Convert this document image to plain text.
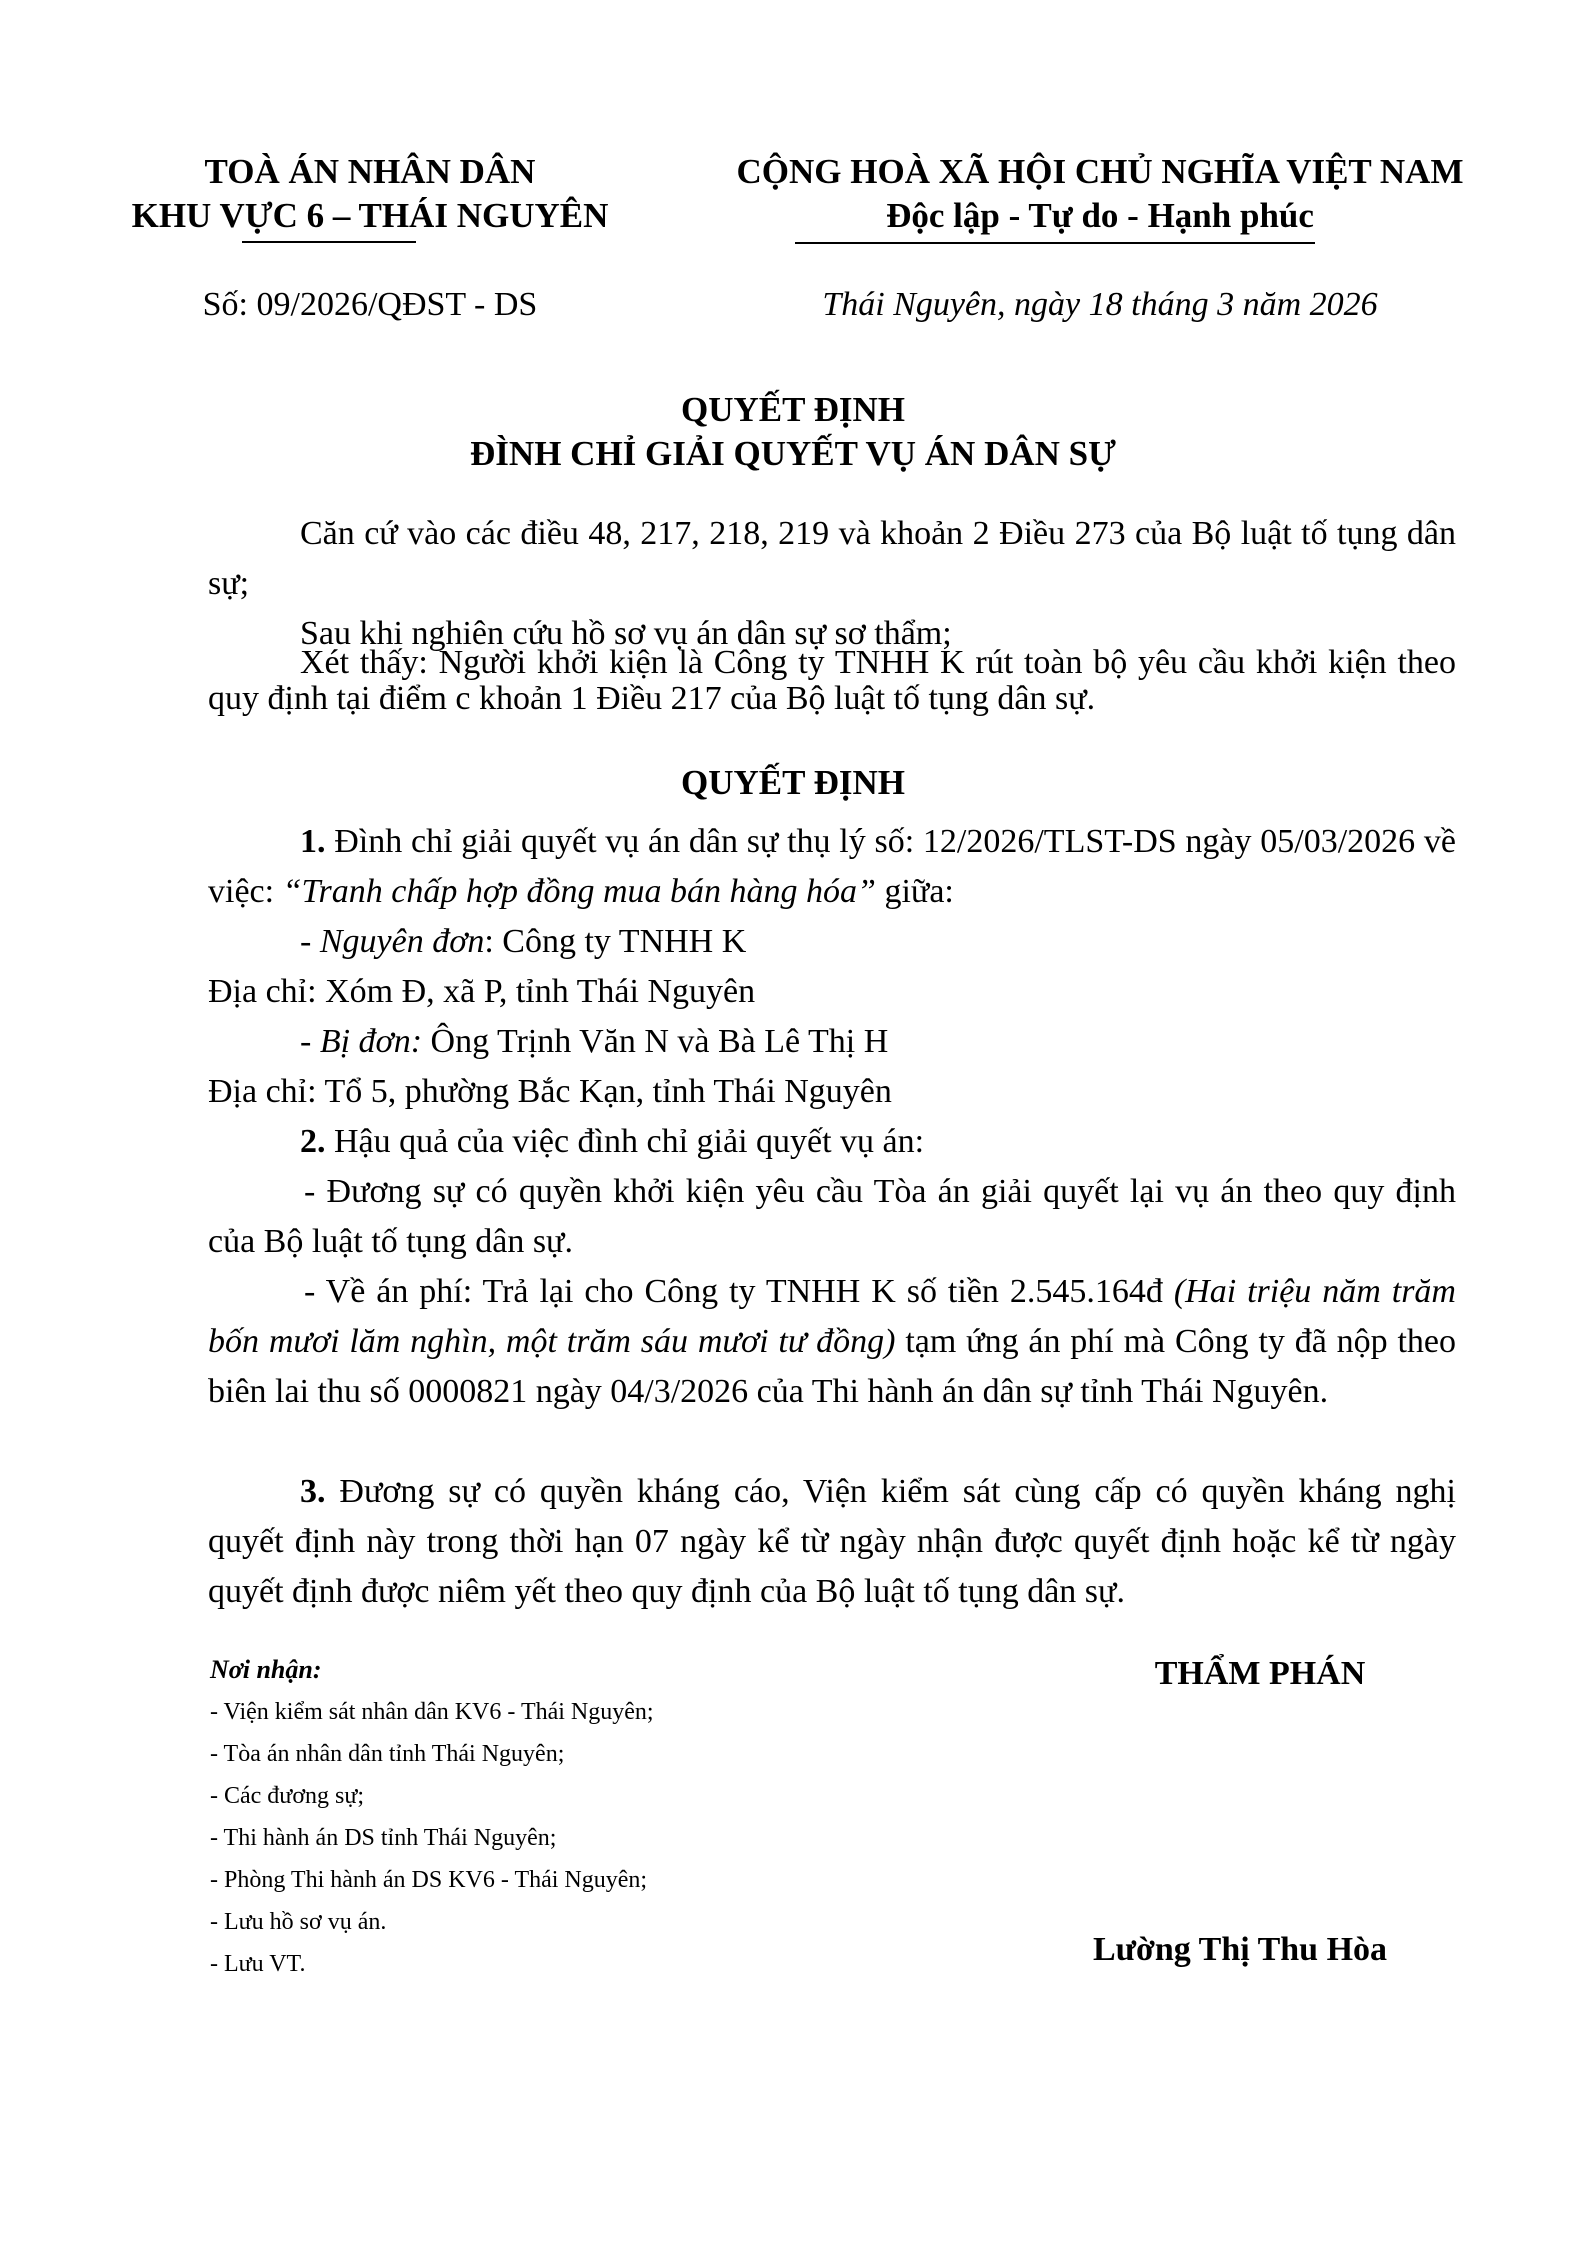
TOÀ ÁN NHÂN DÂN
KHU VỰC 6 – THÁI NGUYÊN
CỘNG HOÀ XÃ HỘI CHỦ NGHĨA VIỆT NAM
Độc lập - Tự do - Hạnh phúc
Số: 09/2026/QĐST - DS	Thái Nguyên, ngày 18 tháng 3 năm 2026
QUYẾT ĐỊNH
ĐÌNH CHỈ GIẢI QUYẾT VỤ ÁN DÂN SỰ
Căn cứ vào các điều 48, 217, 218, 219 và khoản 2 Điều 273 của Bộ luật tố tụng dân sự;
Sau khi nghiên cứu hồ sơ vụ án dân sự sơ thẩm;
Xét thấy: Người khởi kiện là Công ty TNHH K rút toàn bộ yêu cầu khởi kiện theo quy định tại điểm c khoản 1 Điều 217 của Bộ luật tố tụng dân sự.
QUYẾT ĐỊNH
1. Đình chỉ giải quyết vụ án dân sự thụ lý số: 12/2026/TLST-DS ngày 05/03/2026 về việc: “Tranh chấp hợp đồng mua bán hàng hóa” giữa:
- Nguyên đơn: Công ty TNHH K
Địa chỉ: Xóm Đ, xã P, tỉnh Thái Nguyên
- Bị đơn: Ông Trịnh Văn N và Bà Lê Thị H
Địa chỉ: Tổ 5, phường Bắc Kạn, tỉnh Thái Nguyên
2. Hậu quả của việc đình chỉ giải quyết vụ án:
- Đương sự có quyền khởi kiện yêu cầu Tòa án giải quyết lại vụ án theo quy định của Bộ luật tố tụng dân sự.
- Về án phí: Trả lại cho Công ty TNHH K số tiền 2.545.164đ (Hai triệu năm trăm bốn mươi lăm nghìn, một trăm sáu mươi tư đồng) tạm ứng án phí mà Công ty đã nộp theo biên lai thu số 0000821 ngày 04/3/2026 của Thi hành án dân sự tỉnh Thái Nguyên.
3. Đương sự có quyền kháng cáo, Viện kiểm sát cùng cấp có quyền kháng nghị quyết định này trong thời hạn 07 ngày kể từ ngày nhận được quyết định hoặc kể từ ngày quyết định được niêm yết theo quy định của Bộ luật tố tụng dân sự.
Nơi nhận:
- Viện kiểm sát nhân dân KV6 - Thái Nguyên;
- Tòa án nhân dân tỉnh Thái Nguyên;
- Các đương sự;
- Thi hành án DS tỉnh Thái Nguyên;
- Phòng Thi hành án DS KV6 - Thái Nguyên;
- Lưu hồ sơ vụ án.
- Lưu VT.
THẨM PHÁN
Lường Thị Thu Hòa
